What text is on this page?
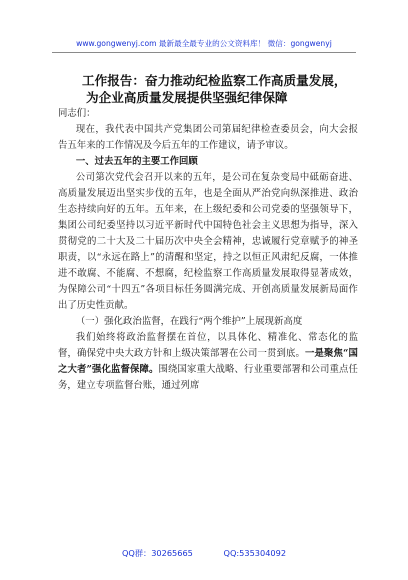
www.gongwenyj.com 最新最全最专业的公文资料库！ 微信：gongwenyj
工作报告：奋力推动纪检监察工作高质量发展，
为企业高质量发展提供坚强纪律保障

同志们：

现在，我代表中国共产党集团公司第届纪律检查委员会，向大会报告五年来的工作情况及今后五年的工作建议，请予审议。

一、过去五年的主要工作回顾

公司第次党代会召开以来的五年，是公司在复杂变局中砥砺奋进、高质量发展迈出坚实步伐的五年，也是全面从严治党向纵深推进、政治生态持续向好的五年。五年来，在上级纪委和公司党委的坚强领导下，集团公司纪委坚持以习近平新时代中国特色社会主义思想为指导，深入贯彻党的二十大及二十届历次中央全会精神，忠诚履行党章赋予的神圣职责，以“永远在路上”的清醒和坚定，持之以恒正风肃纪反腐，一体推进不敢腐、不能腐、不想腐，纪检监察工作高质量发展取得显著成效，为保障公司“十四五”各项目标任务圆满完成、开创高质量发展新局面作出了历史性贡献。

（一）强化政治监督，在践行“两个维护”上展现新高度

我们始终将政治监督摆在首位，以具体化、精准化、常态化的监督，确保党中央大政方针和上级决策部署在公司一贯到底。一是聚焦“国之大者”强化监督保障。围绕国家重大战略、行业重要部署和公司重点任务，建立专项监督台账，通过列席

QQ群：30265665	QQ:535304092
